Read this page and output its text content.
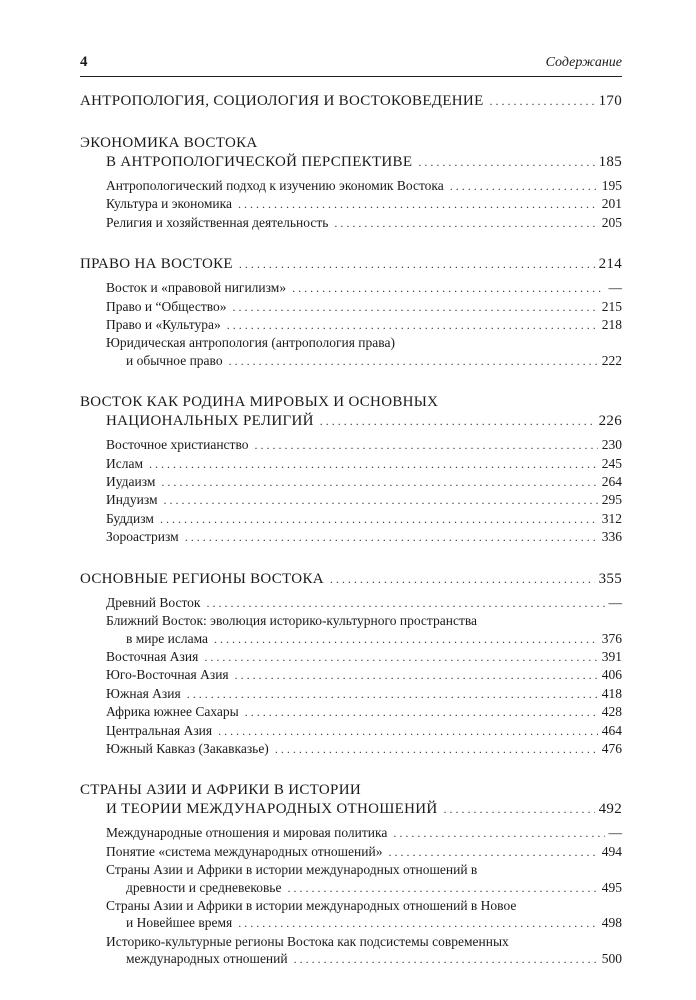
4	Содержание
АНТРОПОЛОГИЯ, СОЦИОЛОГИЯ И ВОСТОКОВЕДЕНИЕ . . .	170
ЭКОНОМИКА ВОСТОКА
В АНТРОПОЛОГИЧЕСКОЙ ПЕРСПЕКТИВЕ . . .	185
Антропологический подход к изучению экономик Востока . . .	195
Культура и экономика . . .	201
Религия и хозяйственная деятельность . . .	205
ПРАВО НА ВОСТОКЕ . . .	214
Восток и «правовой нигилизм» . . .	—
Право и “Общество» . . .	215
Право и «Культура» . . .	218
Юридическая антропология (антропология права)
и обычное право . . .	222
ВОСТОК КАК РОДИНА МИРОВЫХ И ОСНОВНЫХ
НАЦИОНАЛЬНЫХ РЕЛИГИЙ . . .	226
Восточное христианство . . .	230
Ислам . . .	245
Иудаизм . . .	264
Индуизм . . .	295
Буддизм . . .	312
Зороастризм . . .	336
ОСНОВНЫЕ РЕГИОНЫ ВОСТОКА . . .	355
Древний Восток . . .	—
Ближний Восток: эволюция историко-культурного пространства
в мире ислама . . .	376
Восточная Азия . . .	391
Юго-Восточная Азия . . .	406
Южная Азия . . .	418
Африка южнее Сахары . . .	428
Центральная Азия . . .	464
Южный Кавказ (Закавказье) . . .	476
СТРАНЫ АЗИИ И АФРИКИ В ИСТОРИИ
И ТЕОРИИ МЕЖДУНАРОДНЫХ ОТНОШЕНИЙ . . .	492
Международные отношения и мировая политика . . .	—
Понятие «система международных отношений» . . .	494
Страны Азии и Африки в истории международных отношений в
древности и средневековье . . .	495
Страны Азии и Африки в истории международных отношений в Новое
и Новейшее время . . .	498
Историко-культурные регионы Востока как подсистемы современных
международных отношений . . .	500
